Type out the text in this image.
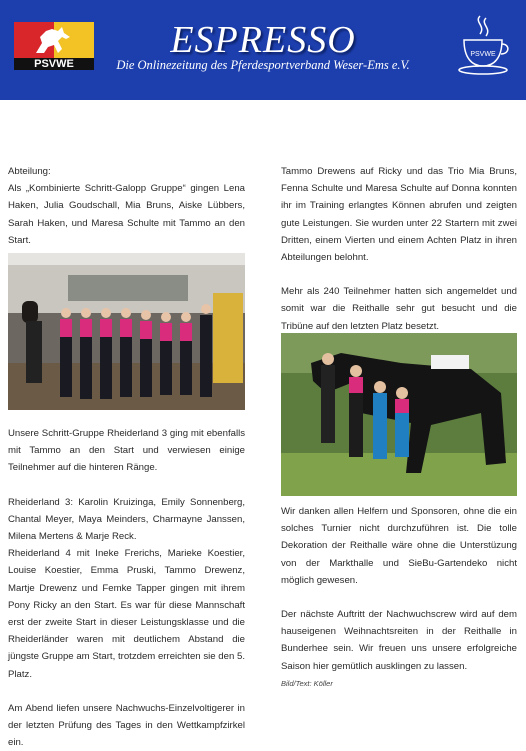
PSVWE
ESPRESSO
Die Onlinezeitung des Pferdesportverband Weser-Ems e.V.
PSVWE

Abteilung:

Als „Kombinierte Schritt-Galopp Gruppe“ gingen Lena Haken, Julia Goudschall, Mia Bruns, Aiske Lübbers, Sarah Haken, und Maresa Schulte mit Tammo an den Start.

Unsere Schritt-Gruppe Rheiderland 3 ging mit ebenfalls mit Tammo an den Start und verwiesen einige Teilnehmer auf die hinteren Ränge.

Rheiderland 3: Karolin Kruizinga, Emily Sonnenberg, Chantal Meyer, Maya Meinders, Charmayne Janssen, Milena Mertens & Marje Reck.

Rheiderland 4 mit Ineke Frerichs, Marieke Koestier, Louise Koestier, Emma Pruski, Tammo Drewenz, Martje Drewenz und Femke Tapper gingen mit ihrem Pony Ricky an den Start. Es war für diese Mannschaft erst der zweite Start in dieser Leistungsklasse und die Rheiderländer waren mit deutlichem Abstand die jüngste Gruppe am Start, trotzdem erreichten sie den 5. Platz.

Am Abend liefen unsere Nachwuchs-Einzelvoltigerer in der letzten Prüfung des Tages in den Wettkampfzirkel ein.

Tammo Drewens auf Ricky und das Trio Mia Bruns, Fenna Schulte und Maresa Schulte auf Donna konnten ihr im Training erlangtes Können abrufen und zeigten gute Leistungen. Sie wurden unter 22 Startern mit zwei Dritten, einem Vierten und einem Achten Platz in ihren Abteilungen belohnt.

Mehr als 240 Teilnehmer hatten sich angemeldet und somit war die Reithalle sehr gut besucht und die Tribüne auf den letzten Platz besetzt.

Wir danken allen Helfern und Sponsoren, ohne die ein solches Turnier nicht durchzuführen ist. Die tolle Dekoration der Reithalle wäre ohne die Unterstüzung von der Markthalle und SieBu-Gartendeko nicht möglich gewesen.

Der nächste Auftritt der Nachwuchscrew wird auf dem hauseigenen Weihnachtsreiten in der Reithalle in Bunderhee sein. Wir freuen uns unsere erfolgreiche Saison hier gemütlich ausklingen zu lassen.

Bild/Text: Köller
